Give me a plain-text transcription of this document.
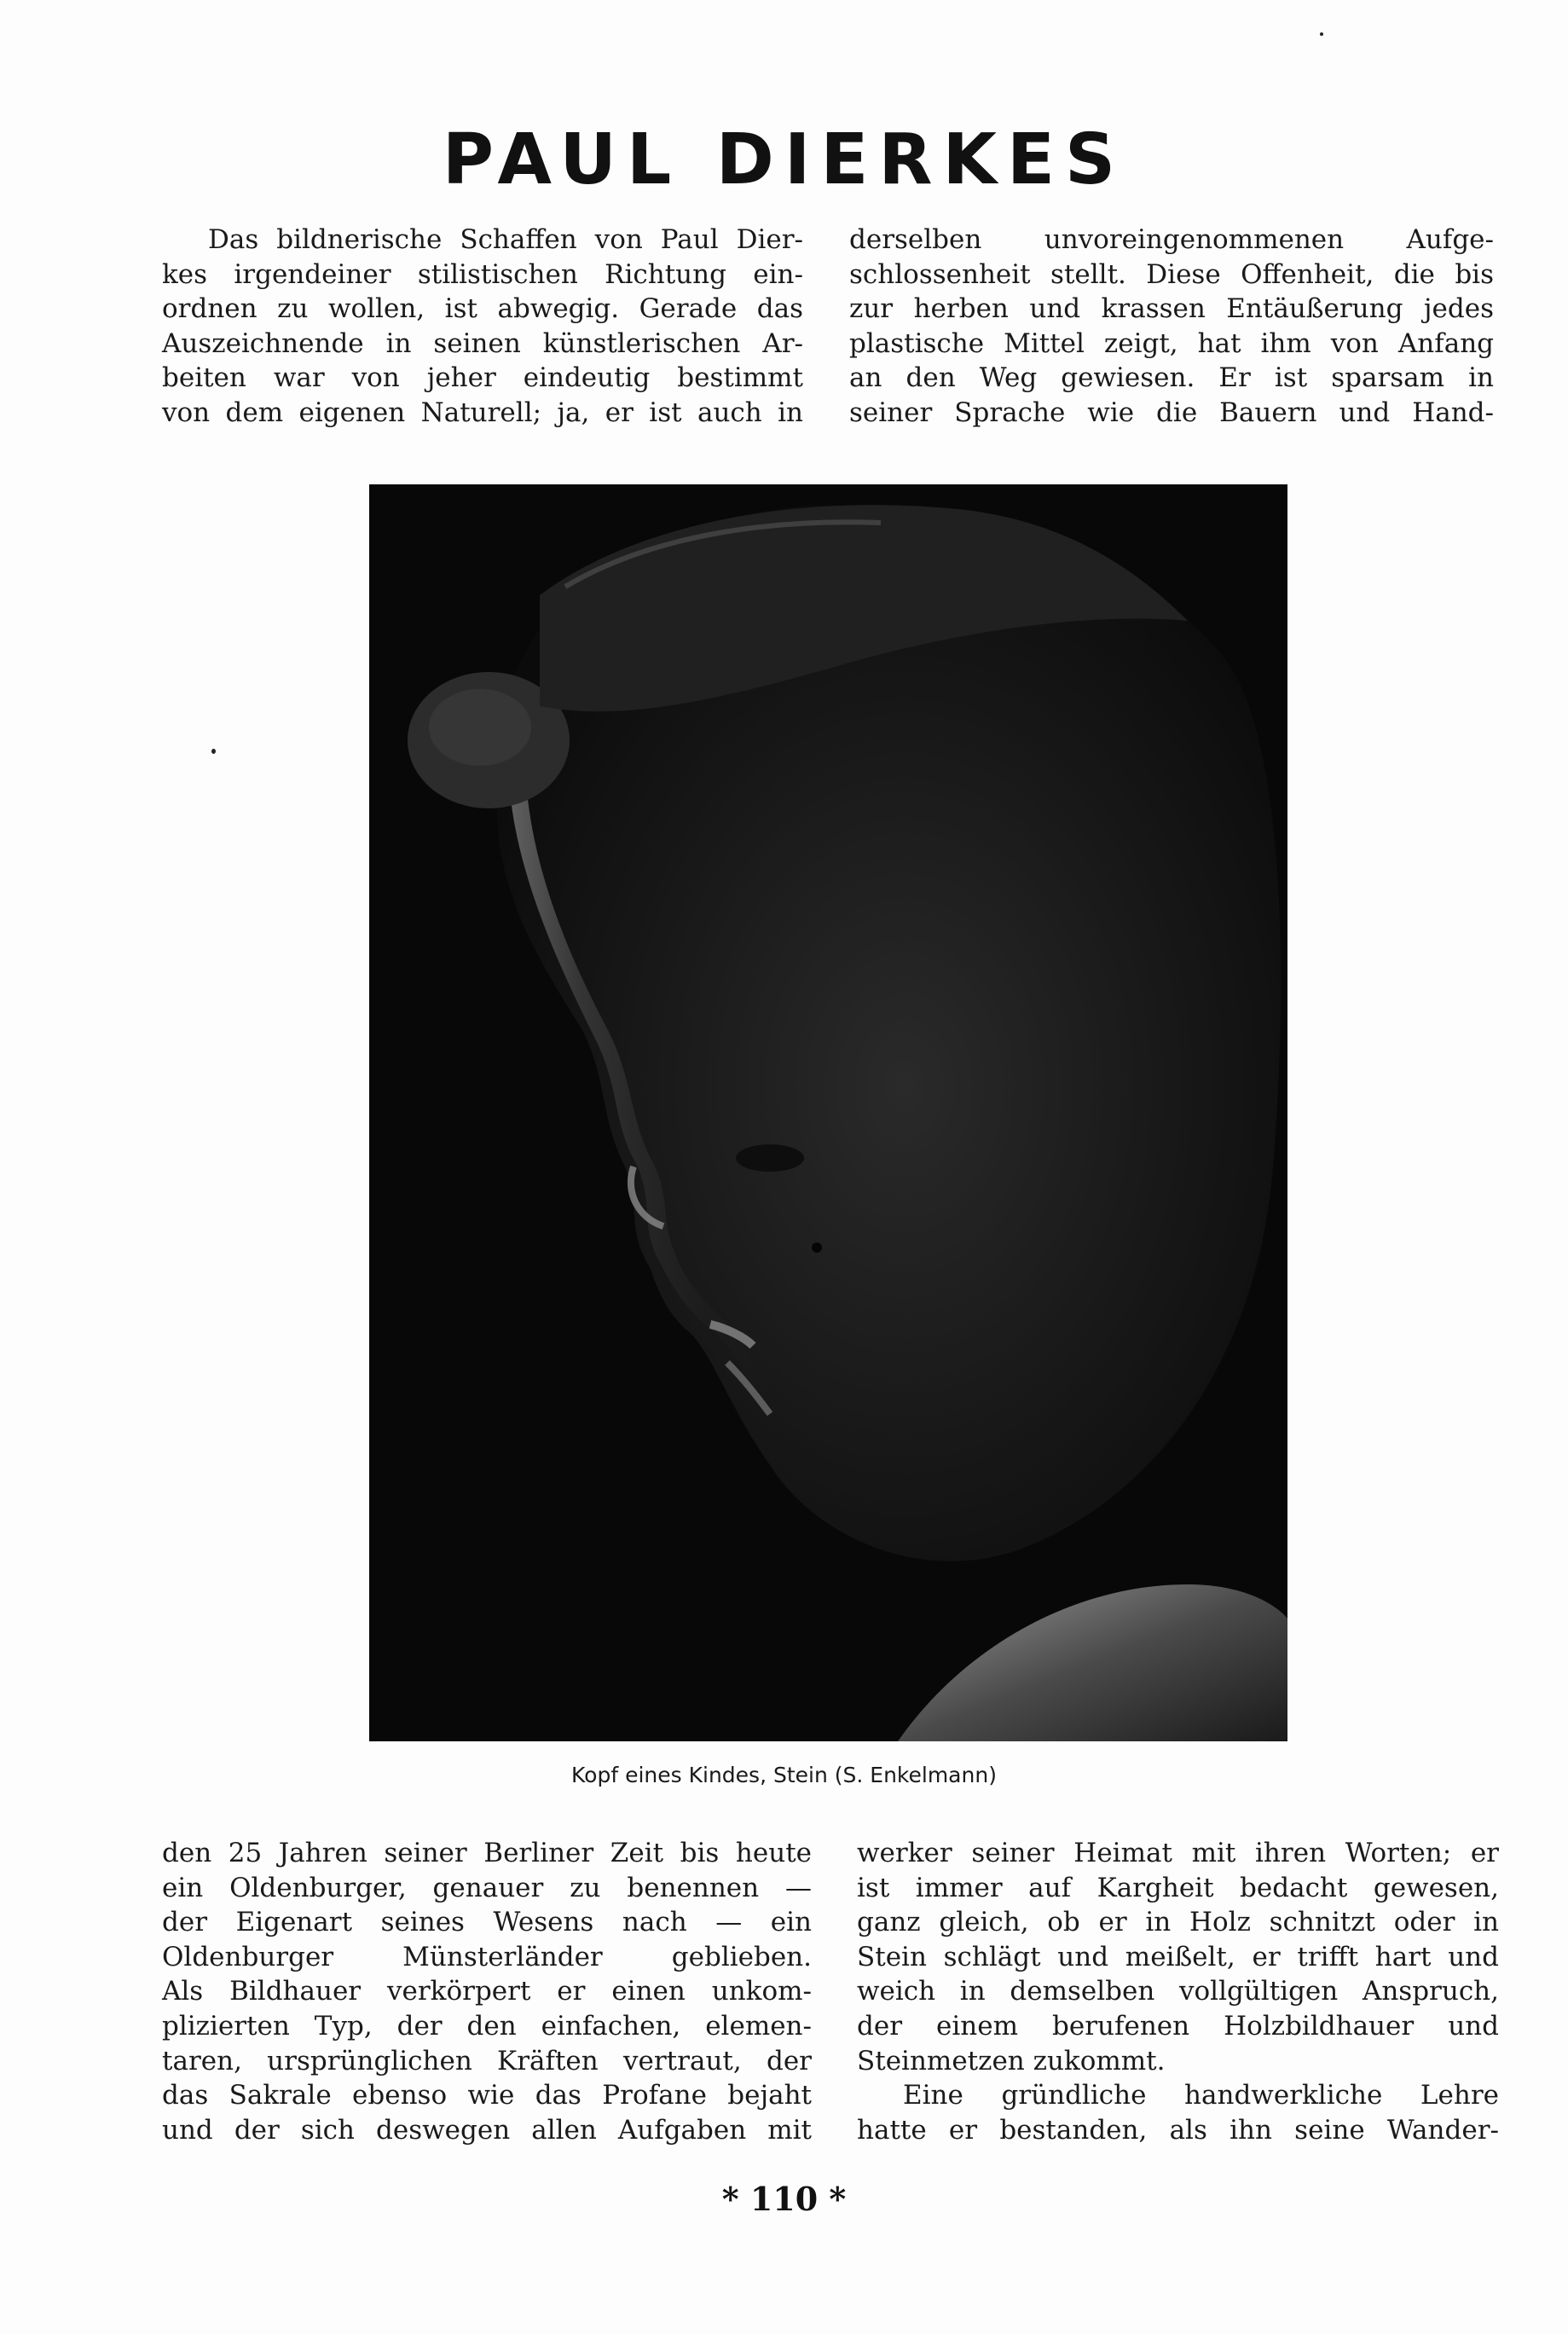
PAUL DIERKES
Das bildnerische Schaffen von Paul Dier-
kes irgendeiner stilistischen Richtung ein-
ordnen zu wollen, ist abwegig. Gerade das
Auszeichnende in seinen künstlerischen Ar-
beiten war von jeher eindeutig bestimmt
von dem eigenen Naturell; ja, er ist auch in
derselben unvoreingenommenen Aufge-
schlossenheit stellt. Diese Offenheit, die bis
zur herben und krassen Entäußerung jedes
plastische Mittel zeigt, hat ihm von Anfang
an den Weg gewiesen. Er ist sparsam in
seiner Sprache wie die Bauern und Hand-
Kopf eines Kindes, Stein (S. Enkelmann)
den 25 Jahren seiner Berliner Zeit bis heute
ein Oldenburger, genauer zu benennen —
der Eigenart seines Wesens nach — ein
Oldenburger Münsterländer geblieben.
Als Bildhauer verkörpert er einen unkom-
plizierten Typ, der den einfachen, elemen-
taren, ursprünglichen Kräften vertraut, der
das Sakrale ebenso wie das Profane bejaht
und der sich deswegen allen Aufgaben mit
werker seiner Heimat mit ihren Worten; er
ist immer auf Kargheit bedacht gewesen,
ganz gleich, ob er in Holz schnitzt oder in
Stein schlägt und meißelt, er trifft hart und
weich in demselben vollgültigen Anspruch,
der einem berufenen Holzbildhauer und
Steinmetzen zukommt.
Eine gründliche handwerkliche Lehre
hatte er bestanden, als ihn seine Wander-
* 110 *
